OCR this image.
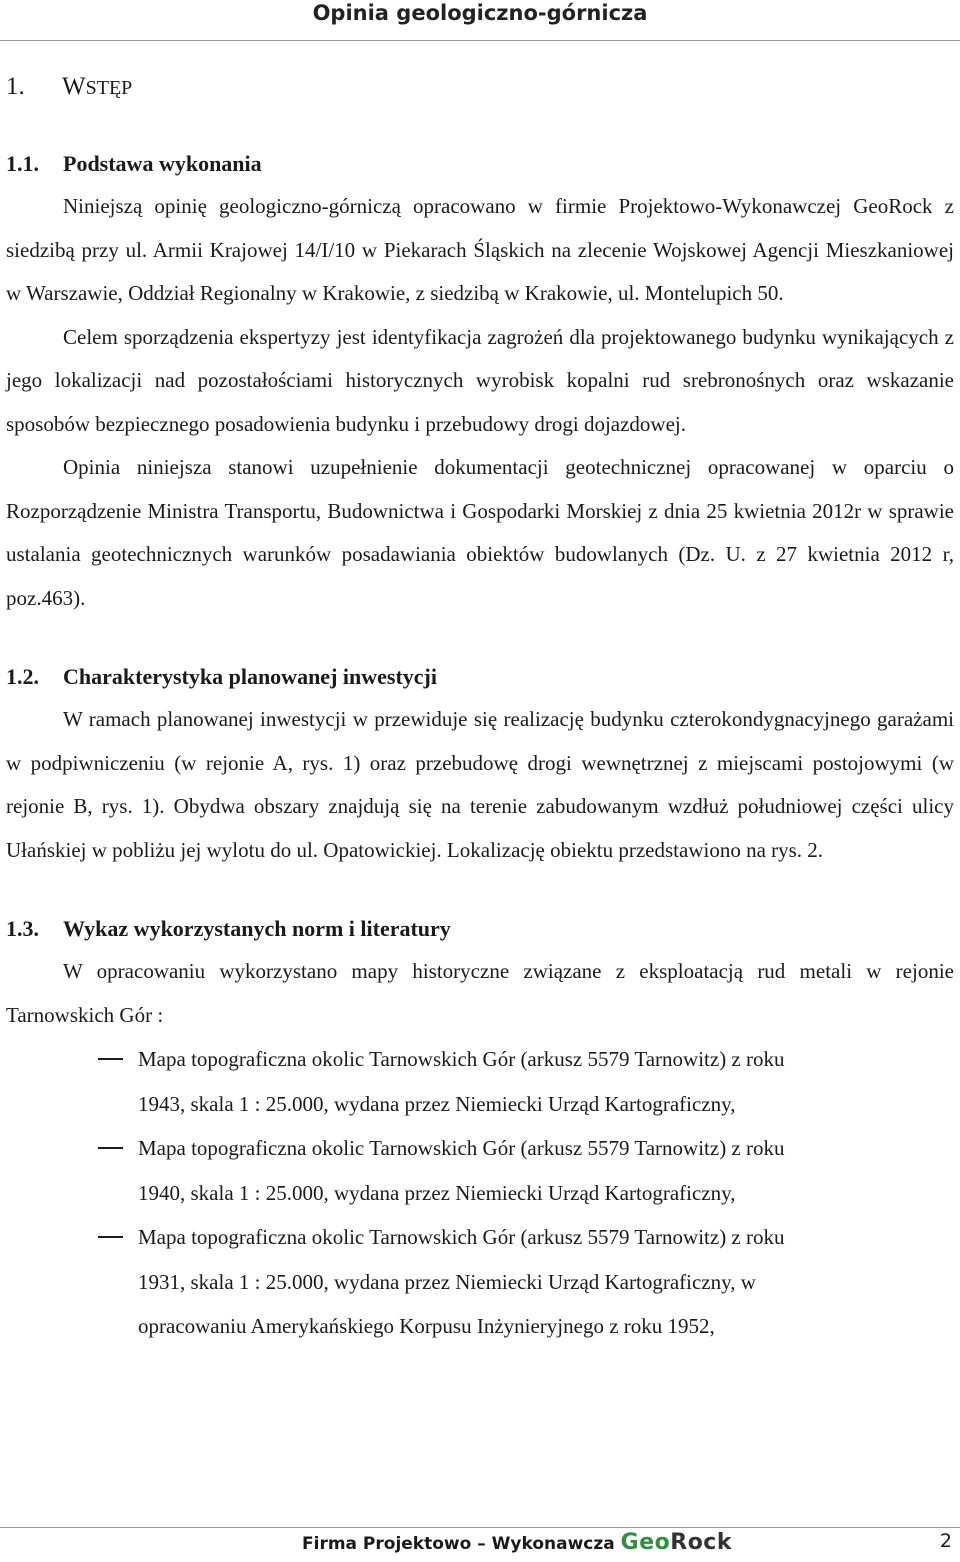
Opinia geologiczno-górnicza
1. WSTĘP
1.1. Podstawa wykonania

Niniejszą opinię geologiczno-górniczą opracowano w firmie Projektowo-Wykonawczej GeoRock z siedzibą przy ul. Armii Krajowej 14/I/10 w Piekarach Śląskich na zlecenie Wojskowej Agencji Mieszkaniowej w Warszawie, Oddział Regionalny w Krakowie, z siedzibą w Krakowie, ul. Montelupich 50.

Celem sporządzenia ekspertyzy jest identyfikacja zagrożeń dla projektowanego budynku wynikających z jego lokalizacji nad pozostałościami historycznych wyrobisk kopalni rud srebronośnych oraz wskazanie sposobów bezpiecznego posadowienia budynku i przebudowy drogi dojazdowej.

Opinia niniejsza stanowi uzupełnienie dokumentacji geotechnicznej opracowanej w oparciu o Rozporządzenie Ministra Transportu, Budownictwa i Gospodarki Morskiej z dnia 25 kwietnia 2012r w sprawie ustalania geotechnicznych warunków posadawiania obiektów budowlanych (Dz. U. z 27 kwietnia 2012 r, poz.463).

1.2. Charakterystyka planowanej inwestycji

W ramach planowanej inwestycji w przewiduje się realizację budynku czterokondygnacyjnego garażami w podpiwniczeniu (w rejonie A, rys. 1) oraz przebudowę drogi wewnętrznej z miejscami postojowymi (w rejonie B, rys. 1). Obydwa obszary znajdują się na terenie zabudowanym wzdłuż południowej części ulicy Ułańskiej w pobliżu jej wylotu do ul. Opatowickiej. Lokalizację obiektu przedstawiono na rys. 2.

1.3. Wykaz wykorzystanych norm i literatury

W opracowaniu wykorzystano mapy historyczne związane z eksploatacją rud metali w rejonie Tarnowskich Gór :

Mapa topograficzna okolic Tarnowskich Gór (arkusz 5579 Tarnowitz) z roku
1943, skala 1 : 25.000, wydana przez Niemiecki Urząd Kartograficzny,
Mapa topograficzna okolic Tarnowskich Gór (arkusz 5579 Tarnowitz) z roku
1940, skala 1 : 25.000, wydana przez Niemiecki Urząd Kartograficzny,
Mapa topograficzna okolic Tarnowskich Gór (arkusz 5579 Tarnowitz) z roku
1931, skala 1 : 25.000, wydana przez Niemiecki Urząd Kartograficzny, w
opracowaniu Amerykańskiego Korpusu Inżynieryjnego z roku 1952,
Firma Projektowo – Wykonawcza GeoRock	2
